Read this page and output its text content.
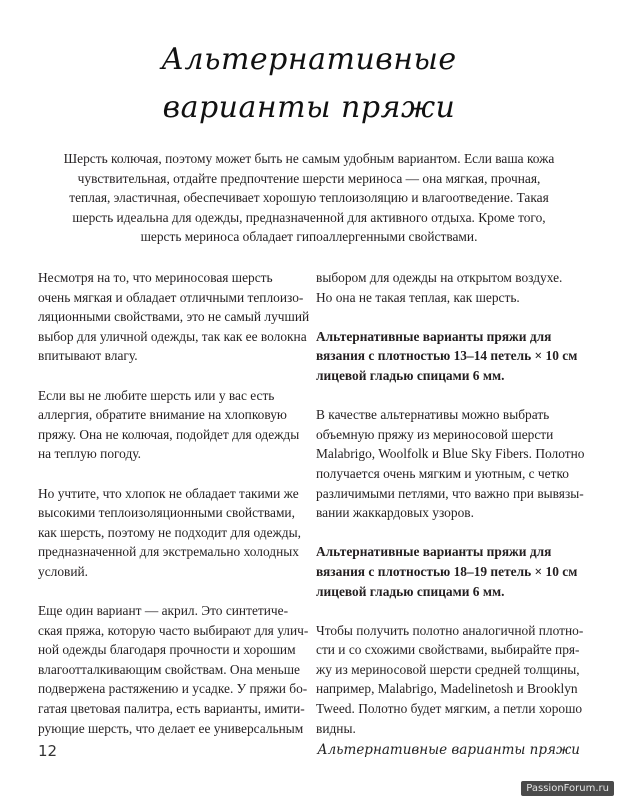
Альтернативные
варианты пряжи
Шерсть колючая, поэтому может быть не самым удобным вариантом. Если ваша кожа
чувствительная, отдайте предпочтение шерсти мериноса — она мягкая, прочная,
теплая, эластичная, обеспечивает хорошую теплоизоляцию и влагоотведение. Такая
шерсть идеальна для одежды, предназначенной для активного отдыха. Кроме того,
шерсть мериноса обладает гипоаллергенными свойствами.
Несмотря на то, что мериносовая шерсть
очень мягкая и обладает отличными теплоизо-
ляционными свойствами, это не самый лучший
выбор для уличной одежды, так как ее волокна
впитывают влагу.
Если вы не любите шерсть или у вас есть
аллергия, обратите внимание на хлопковую
пряжу. Она не колючая, подойдет для одежды
на теплую погоду.
Но учтите, что хлопок не обладает такими же
высокими теплоизоляционными свойствами,
как шерсть, поэтому не подходит для одежды,
предназначенной для экстремально холодных
условий.
Еще один вариант — акрил. Это синтетиче-
ская пряжа, которую часто выбирают для улич-
ной одежды благодаря прочности и хорошим
влагоотталкивающим свойствам. Она меньше
подвержена растяжению и усадке. У пряжи бо-
гатая цветовая палитра, есть варианты, имити-
рующие шерсть, что делает ее универсальным
выбором для одежды на открытом воздухе.
Но она не такая теплая, как шерсть.
Альтернативные варианты пряжи для
вязания с плотностью 13–14 петель × 10 см
лицевой гладью спицами 6 мм.
В качестве альтернативы можно выбрать
объемную пряжу из мериносовой шерсти
Malabrigo, Woolfolk и Blue Sky Fibers. Полотно
получается очень мягким и уютным, с четко
различимыми петлями, что важно при вывязы-
вании жаккардовых узоров.
Альтернативные варианты пряжи для
вязания с плотностью 18–19 петель × 10 см
лицевой гладью спицами 6 мм.
Чтобы получить полотно аналогичной плотно-
сти и со схожими свойствами, выбирайте пря-
жу из мериносовой шерсти средней толщины,
например, Malabrigo, Madelinetosh и Brooklyn
Tweed. Полотно будет мягким, а петли хорошо
видны.
12	Альтернативные варианты пряжи
PassionForum.ru
